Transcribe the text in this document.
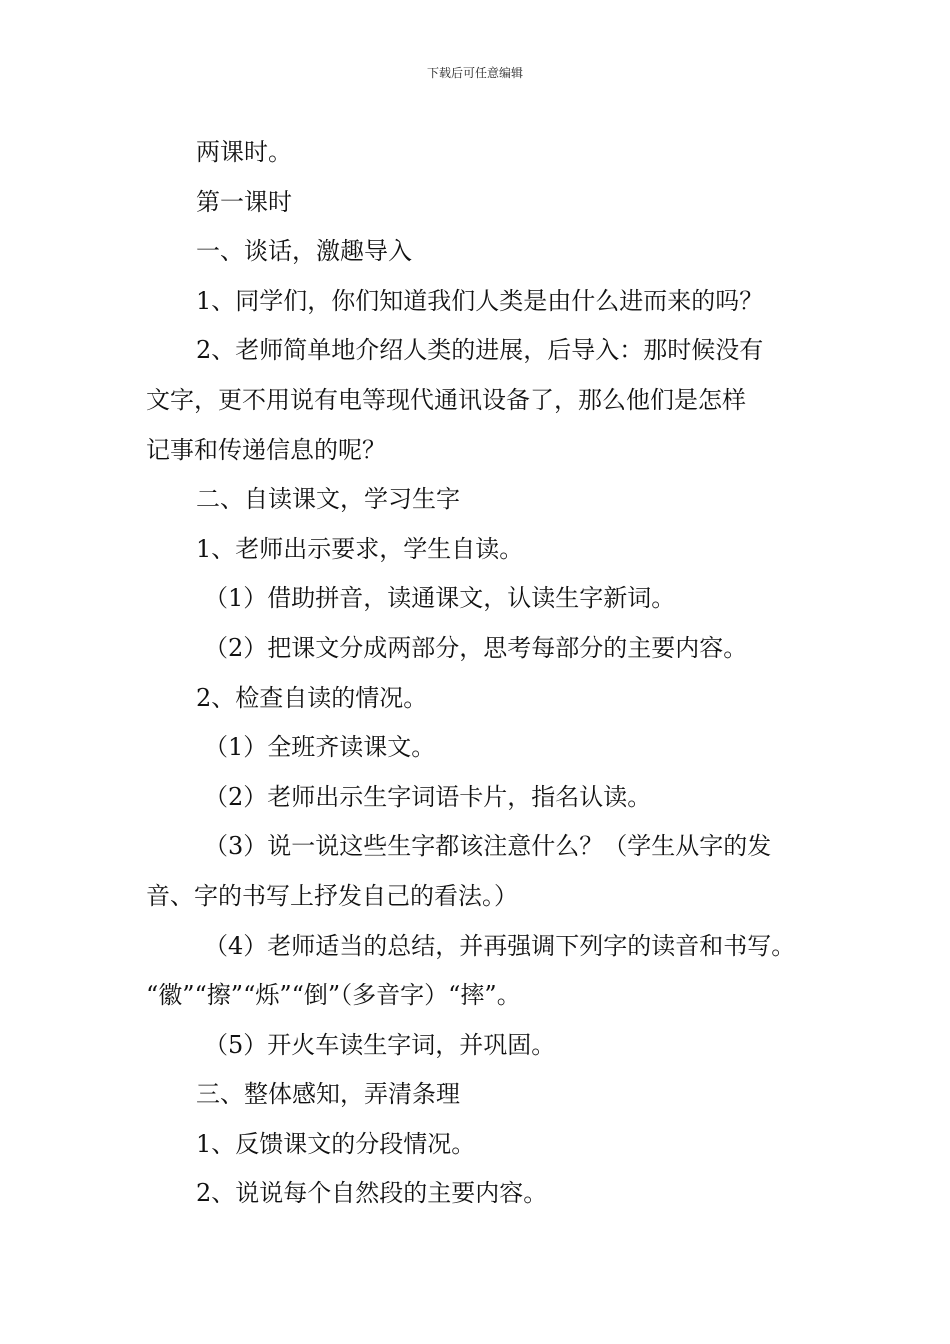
下载后可任意编辑

两课时。

第一课时

一、谈话，激趣导入

1、同学们，你们知道我们人类是由什么进而来的吗？

2、老师简单地介绍人类的进展，后导入：那时候没有

文字，更不用说有电等现代通讯设备了，那么他们是怎样

记事和传递信息的呢？

二、自读课文，学习生字

1、老师出示要求，学生自读。

（1）借助拼音，读通课文，认读生字新词。

（2）把课文分成两部分，思考每部分的主要内容。

2、检查自读的情况。

（1）全班齐读课文。

（2）老师出示生字词语卡片，指名认读。

（3）说一说这些生字都该注意什么？（学生从字的发

音、字的书写上抒发自己的看法。）

（4）老师适当的总结，并再强调下列字的读音和书写。

“徽”“擦”“烁”“倒”（多音字）“摔”。

（5）开火车读生字词，并巩固。

三、整体感知，弄清条理

1、反馈课文的分段情况。

2、说说每个自然段的主要内容。
